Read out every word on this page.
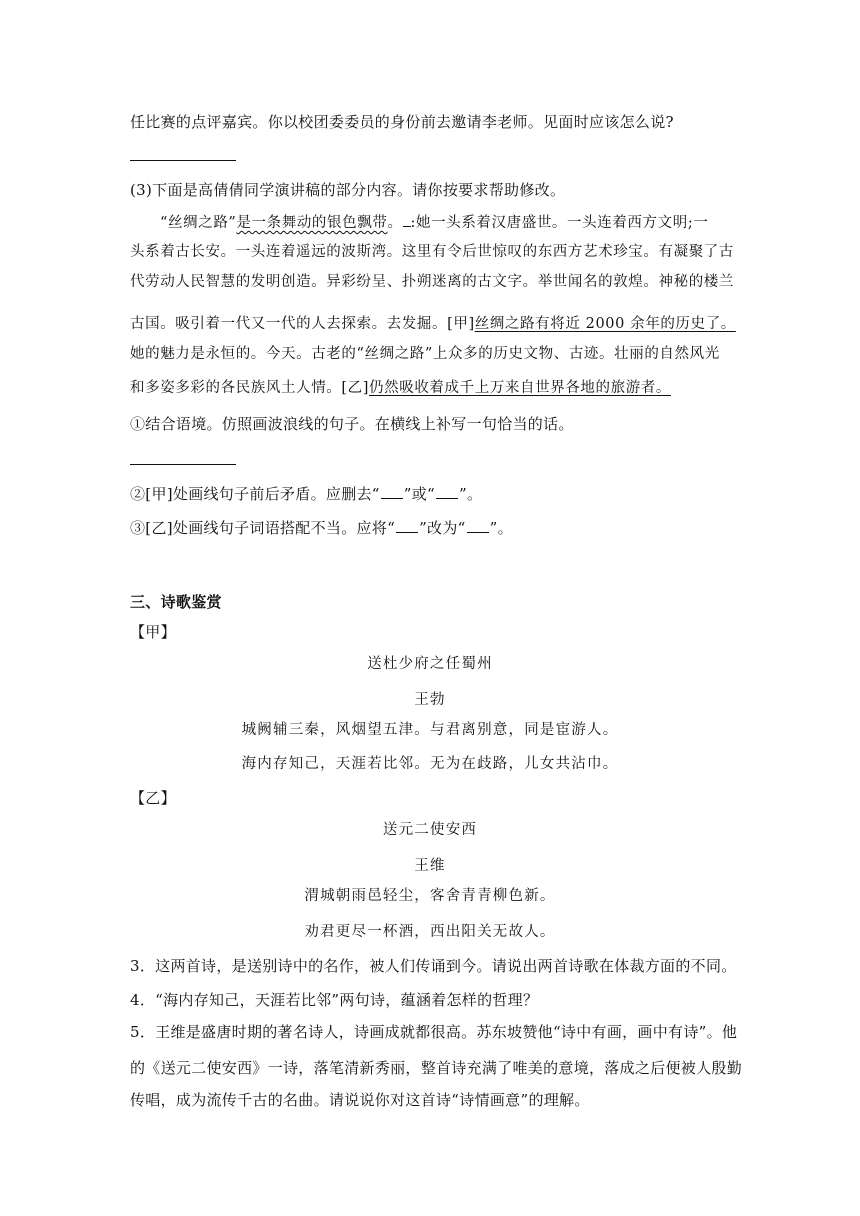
任比赛的点评嘉宾。你以校团委委员的身份前去邀请李老师。见面时应该怎么说?
(3)下面是高倩倩同学演讲稿的部分内容。请你按要求帮助修改。
“丝绸之路”是一条舞动的银色飘带。 :她一头系着汉唐盛世。一头连着西方文明;一
头系着古长安。一头连着遥远的波斯湾。这里有令后世惊叹的东西方艺术珍宝。有凝聚了古
代劳动人民智慧的发明创造。异彩纷呈、扑朔迷离的古文字。举世闻名的敦煌。神秘的楼兰
古国。吸引着一代又一代的人去探索。去发掘。[甲]丝绸之路有将近 2000 余年的历史了。
她的魅力是永恒的。今天。古老的“丝绸之路”上众多的历史文物、古迹。壮丽的自然风光
和多姿多彩的各民族风土人情。[乙]仍然吸收着成千上万来自世界各地的旅游者。
①结合语境。仿照画波浪线的句子。在横线上补写一句恰当的话。
②[甲]处画线句子前后矛盾。应删去“ ”或“ ”。
③[乙]处画线句子词语搭配不当。应将“ ”改为“ ”。
三、诗歌鉴赏
【甲】
送杜少府之任蜀州
王勃
城阙辅三秦，风烟望五津。与君离别意，同是宦游人。
海内存知己，天涯若比邻。无为在歧路，儿女共沾巾。
【乙】
送元二使安西
王维
渭城朝雨邑轻尘，客舍青青柳色新。
劝君更尽一杯酒，西出阳关无故人。
3．这两首诗，是送别诗中的名作，被人们传诵到今。请说出两首诗歌在体裁方面的不同。
4．“海内存知己，天涯若比邻”两句诗，蕴涵着怎样的哲理？
5．王维是盛唐时期的著名诗人，诗画成就都很高。苏东坡赞他“诗中有画，画中有诗”。他
的《送元二使安西》一诗，落笔清新秀丽，整首诗充满了唯美的意境，落成之后便被人殷勤
传唱，成为流传千古的名曲。请说说你对这首诗“诗情画意”的理解。
